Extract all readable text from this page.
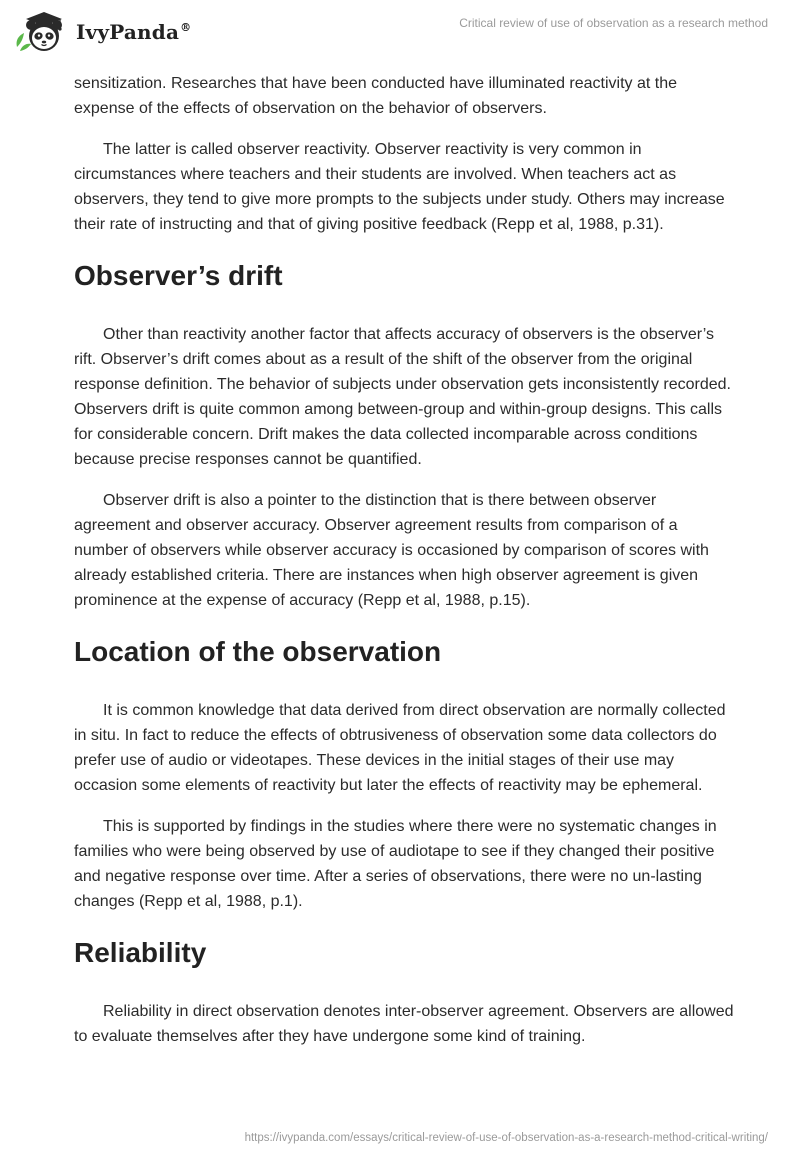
IvyPanda®	Critical review of use of observation as a research method

sensitization. Researches that have been conducted have illuminated reactivity at the expense of the effects of observation on the behavior of observers.

The latter is called observer reactivity. Observer reactivity is very common in circumstances where teachers and their students are involved. When teachers act as observers, they tend to give more prompts to the subjects under study. Others may increase their rate of instructing and that of giving positive feedback (Repp et al, 1988, p.31).

Observer’s drift

Other than reactivity another factor that affects accuracy of observers is the observer’s rift. Observer’s drift comes about as a result of the shift of the observer from the original response definition. The behavior of subjects under observation gets inconsistently recorded. Observers drift is quite common among between-group and within-group designs. This calls for considerable concern. Drift makes the data collected incomparable across conditions because precise responses cannot be quantified.

Observer drift is also a pointer to the distinction that is there between observer agreement and observer accuracy. Observer agreement results from comparison of a number of observers while observer accuracy is occasioned by comparison of scores with already established criteria. There are instances when high observer agreement is given prominence at the expense of accuracy (Repp et al, 1988, p.15).

Location of the observation

It is common knowledge that data derived from direct observation are normally collected in situ. In fact to reduce the effects of obtrusiveness of observation some data collectors do prefer use of audio or videotapes. These devices in the initial stages of their use may occasion some elements of reactivity but later the effects of reactivity may be ephemeral.

This is supported by findings in the studies where there were no systematic changes in families who were being observed by use of audiotape to see if they changed their positive and negative response over time. After a series of observations, there were no un-lasting changes (Repp et al, 1988, p.1).

Reliability

Reliability in direct observation denotes inter-observer agreement. Observers are allowed to evaluate themselves after they have undergone some kind of training.

https://ivypanda.com/essays/critical-review-of-use-of-observation-as-a-research-method-critical-writing/
